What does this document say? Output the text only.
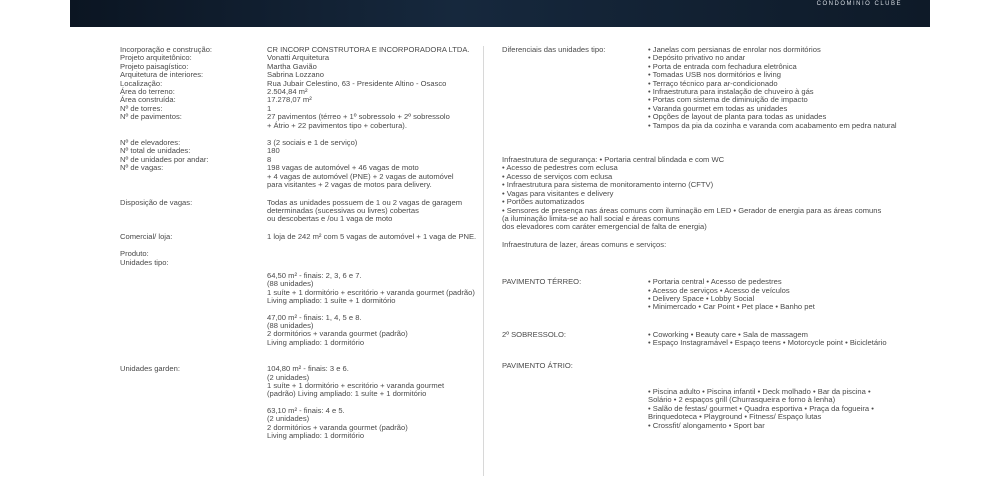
CONDOMINIO CLUBE
Incorporação e construção:	CR INCORP CONSTRUTORA E INCORPORADORA LTDA.
Projeto arquitetônico:	Vonatti Arquitetura
Projeto paisagístico:	Martha Gavião
Arquitetura de interiores:	Sabrina Lozzano
Localização:	Rua Jubair Celestino, 63 - Presidente Altino - Osasco
Área do terreno:	2.504,84 m²
Área construída:	17.278,07 m²
Nº de torres:	1
Nº de pavimentos:	27 pavimentos (térreo + 1º sobressolo + 2º sobressolo
+ Átrio + 22 pavimentos tipo + cobertura).
Nº de elevadores:	3 (2 sociais e 1 de serviço)
Nº total de unidades:	180
Nº de unidades por andar:	8
Nº de vagas:	198 vagas de automóvel + 46 vagas de moto
+ 4 vagas de automóvel (PNE) + 2 vagas de automóvel
para visitantes + 2 vagas de motos para delivery.
Disposição de vagas:	Todas as unidades possuem de 1 ou 2 vagas de garagem
determinadas (sucessivas ou livres) cobertas
ou descobertas e /ou 1 vaga de moto
Comercial/ loja:	1 loja de 242 m² com 5 vagas de automóvel + 1 vaga de PNE.
Produto:
Unidades tipo:
64,50 m² - finais: 2, 3, 6 e 7.
(88 unidades)
1 suíte + 1 dormitório + escritório + varanda gourmet (padrão)
Living ampliado: 1 suíte + 1 dormitório
47,00 m² - finais: 1, 4, 5 e 8.
(88 unidades)
2 dormitórios + varanda gourmet (padrão)
Living ampliado: 1 dormitório
Unidades garden:	104,80 m² - finais: 3 e 6.
(2 unidades)
1 suíte + 1 dormitório + escritório + varanda gourmet
(padrão) Living ampliado: 1 suíte + 1 dormitório
63,10 m² - finais: 4 e 5.
(2 unidades)
2 dormitórios + varanda gourmet (padrão)
Living ampliado: 1 dormitório
Diferenciais das unidades tipo:	• Janelas com persianas de enrolar nos dormitórios
• Depósito privativo no andar
• Porta de entrada com fechadura eletrônica
• Tomadas USB nos dormitórios e living
• Terraço técnico para ar-condicionado
• Infraestrutura para instalação de chuveiro à gás
• Portas com sistema de diminuição de impacto
• Varanda gourmet em todas as unidades
• Opções de layout de planta para todas as unidades
• Tampos da pia da cozinha e varanda com acabamento em pedra natural
Infraestrutura de segurança: • Portaria central blindada e com WC
• Acesso de pedestres com eclusa
• Acesso de serviços com eclusa
• Infraestrutura para sistema de monitoramento interno (CFTV)
• Vagas para visitantes e delivery
• Portões automatizados
• Sensores de presença nas áreas comuns com iluminação em LED • Gerador de energia para as áreas comuns
(a iluminação limita-se ao hall social e áreas comuns
dos elevadores com caráter emergencial de falta de energia)
Infraestrutura de lazer, áreas comuns e serviços:
PAVIMENTO TÉRREO:	• Portaria central • Acesso de pedestres
• Acesso de serviços • Acesso de veículos
• Delivery Space • Lobby Social
• Minimercado • Car Point • Pet place • Banho pet
2º SOBRESSOLO:	• Coworking • Beauty care • Sala de massagem
• Espaço Instagramável • Espaço teens • Motorcycle point • Bicicletário
PAVIMENTO ÁTRIO:
• Piscina adulto • Piscina infantil • Deck molhado • Bar da piscina •
Solário • 2 espaços grill (Churrasqueira e forno à lenha)
• Salão de festas/ gourmet • Quadra esportiva • Praça da fogueira •
Brinquedoteca • Playground • Fitness/ Espaço lutas
• Crossfit/ alongamento • Sport bar
